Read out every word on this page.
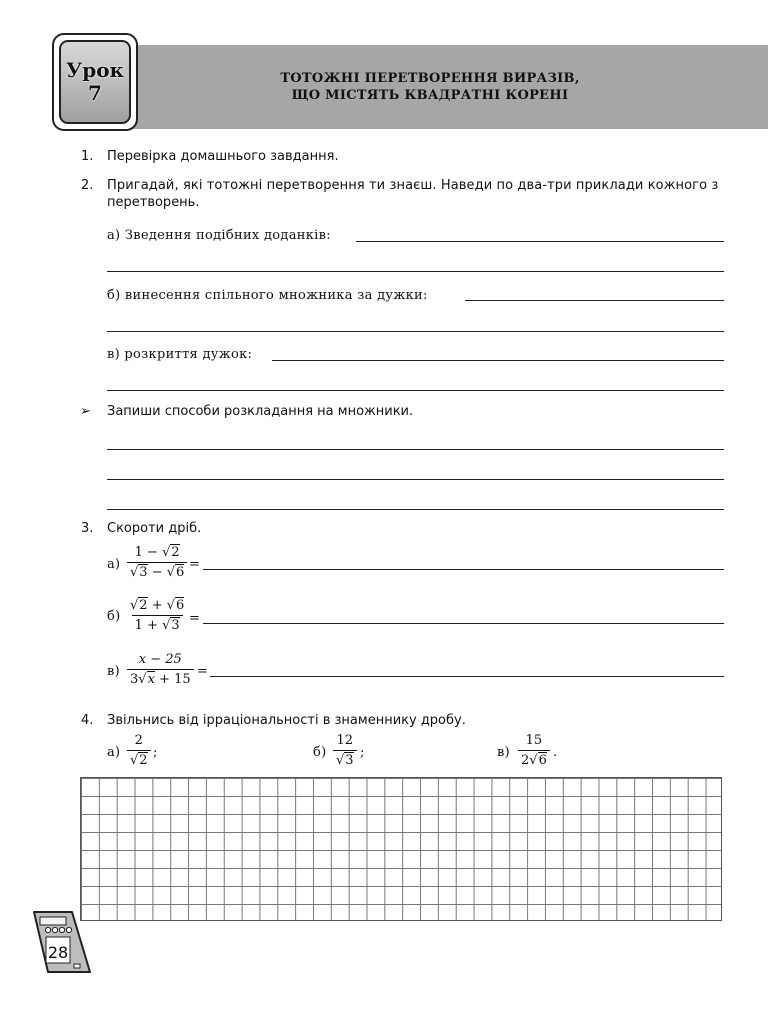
Урок
7
ТОТОЖНІ ПЕРЕТВОРЕННЯ ВИРАЗІВ,
ЩО МІСТЯТЬ КВАДРАТНІ КОРЕНІ
1. Перевірка домашнього завдання.
2. Пригадай, які тотожні перетворення ти знаєш. Наведи по два-три приклади кожного з
перетворень.
а) Зведення подібних доданків:
б) винесення спільного множника за дужки:
в) розкриття дужок:
➢ Запиши способи розкладання на множники.
3. Скороти дріб.
$а) \frac{1 - √2}{√3 - √6}$ =
$б) \frac{√2 + √6}{1 + √3}$ =
$в) \frac{x - 25}{3√x + 15}$ =
4. Звільнись від ірраціональності в знаменнику дробу.
$а) \frac{2}{√2}$ ;	$б) \frac{12}{√3}$ ;	$в) \frac{15}{2√6}$ .
28
